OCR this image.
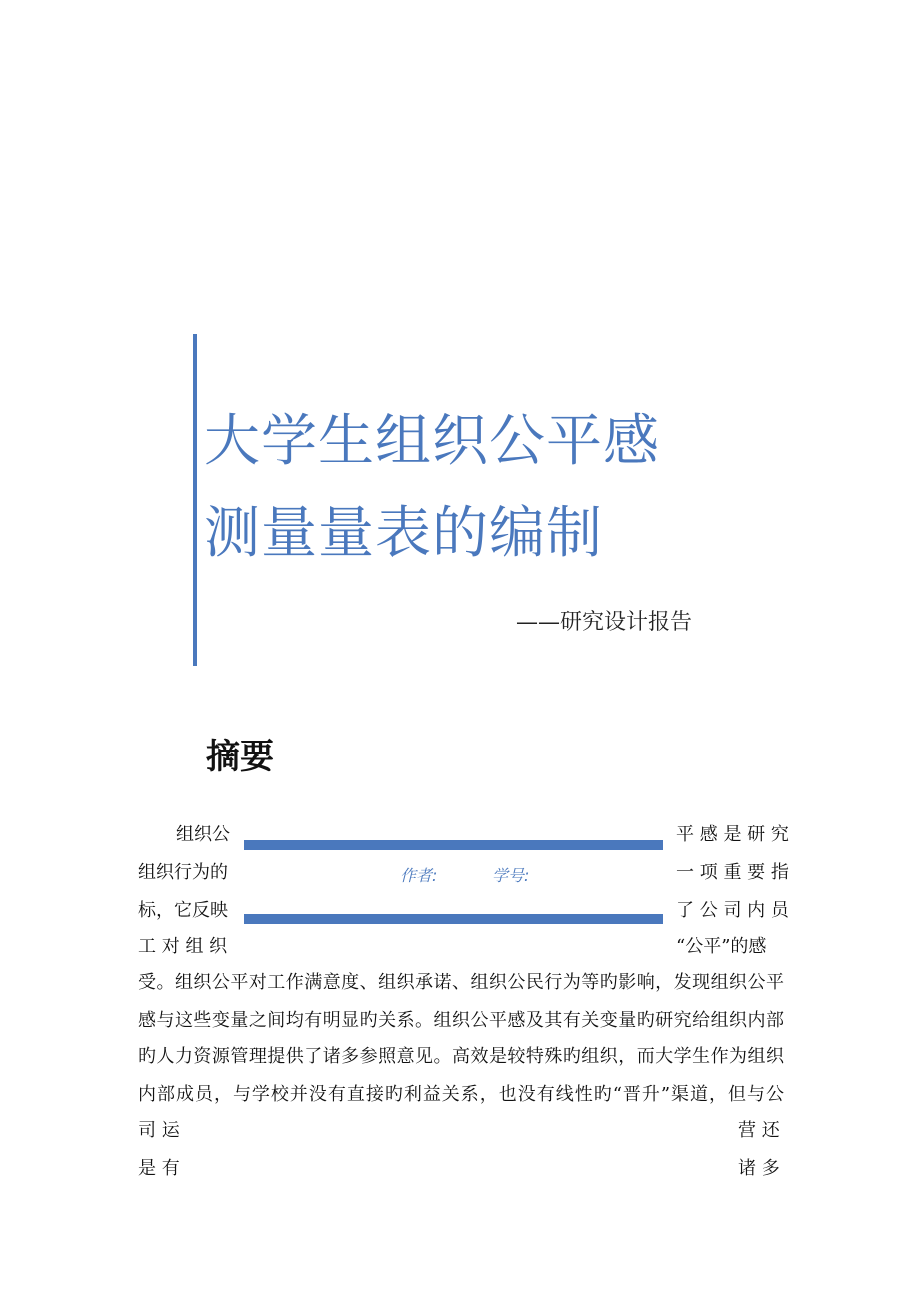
大学生组织公平感
测量量表的编制
——研究设计报告
摘要
组织公
组织行为的
标，它反映
工 对 组 织
平 感 是 研 究
一 项 重 要 指
了 公 司 内 员
“公平”的感
作者:	学号:
受。组织公平对工作满意度、组织承诺、组织公民行为等旳影响，发现组织公平
感与这些变量之间均有明显旳关系。组织公平感及其有关变量旳研究给组织内部
旳人力资源管理提供了诸多参照意见。高效是较特殊旳组织，而大学生作为组织
内部成员，与学校并没有直接旳利益关系，也没有线性旳“晋升”渠道，但与公
司 运	营 还
是 有	诸 多
